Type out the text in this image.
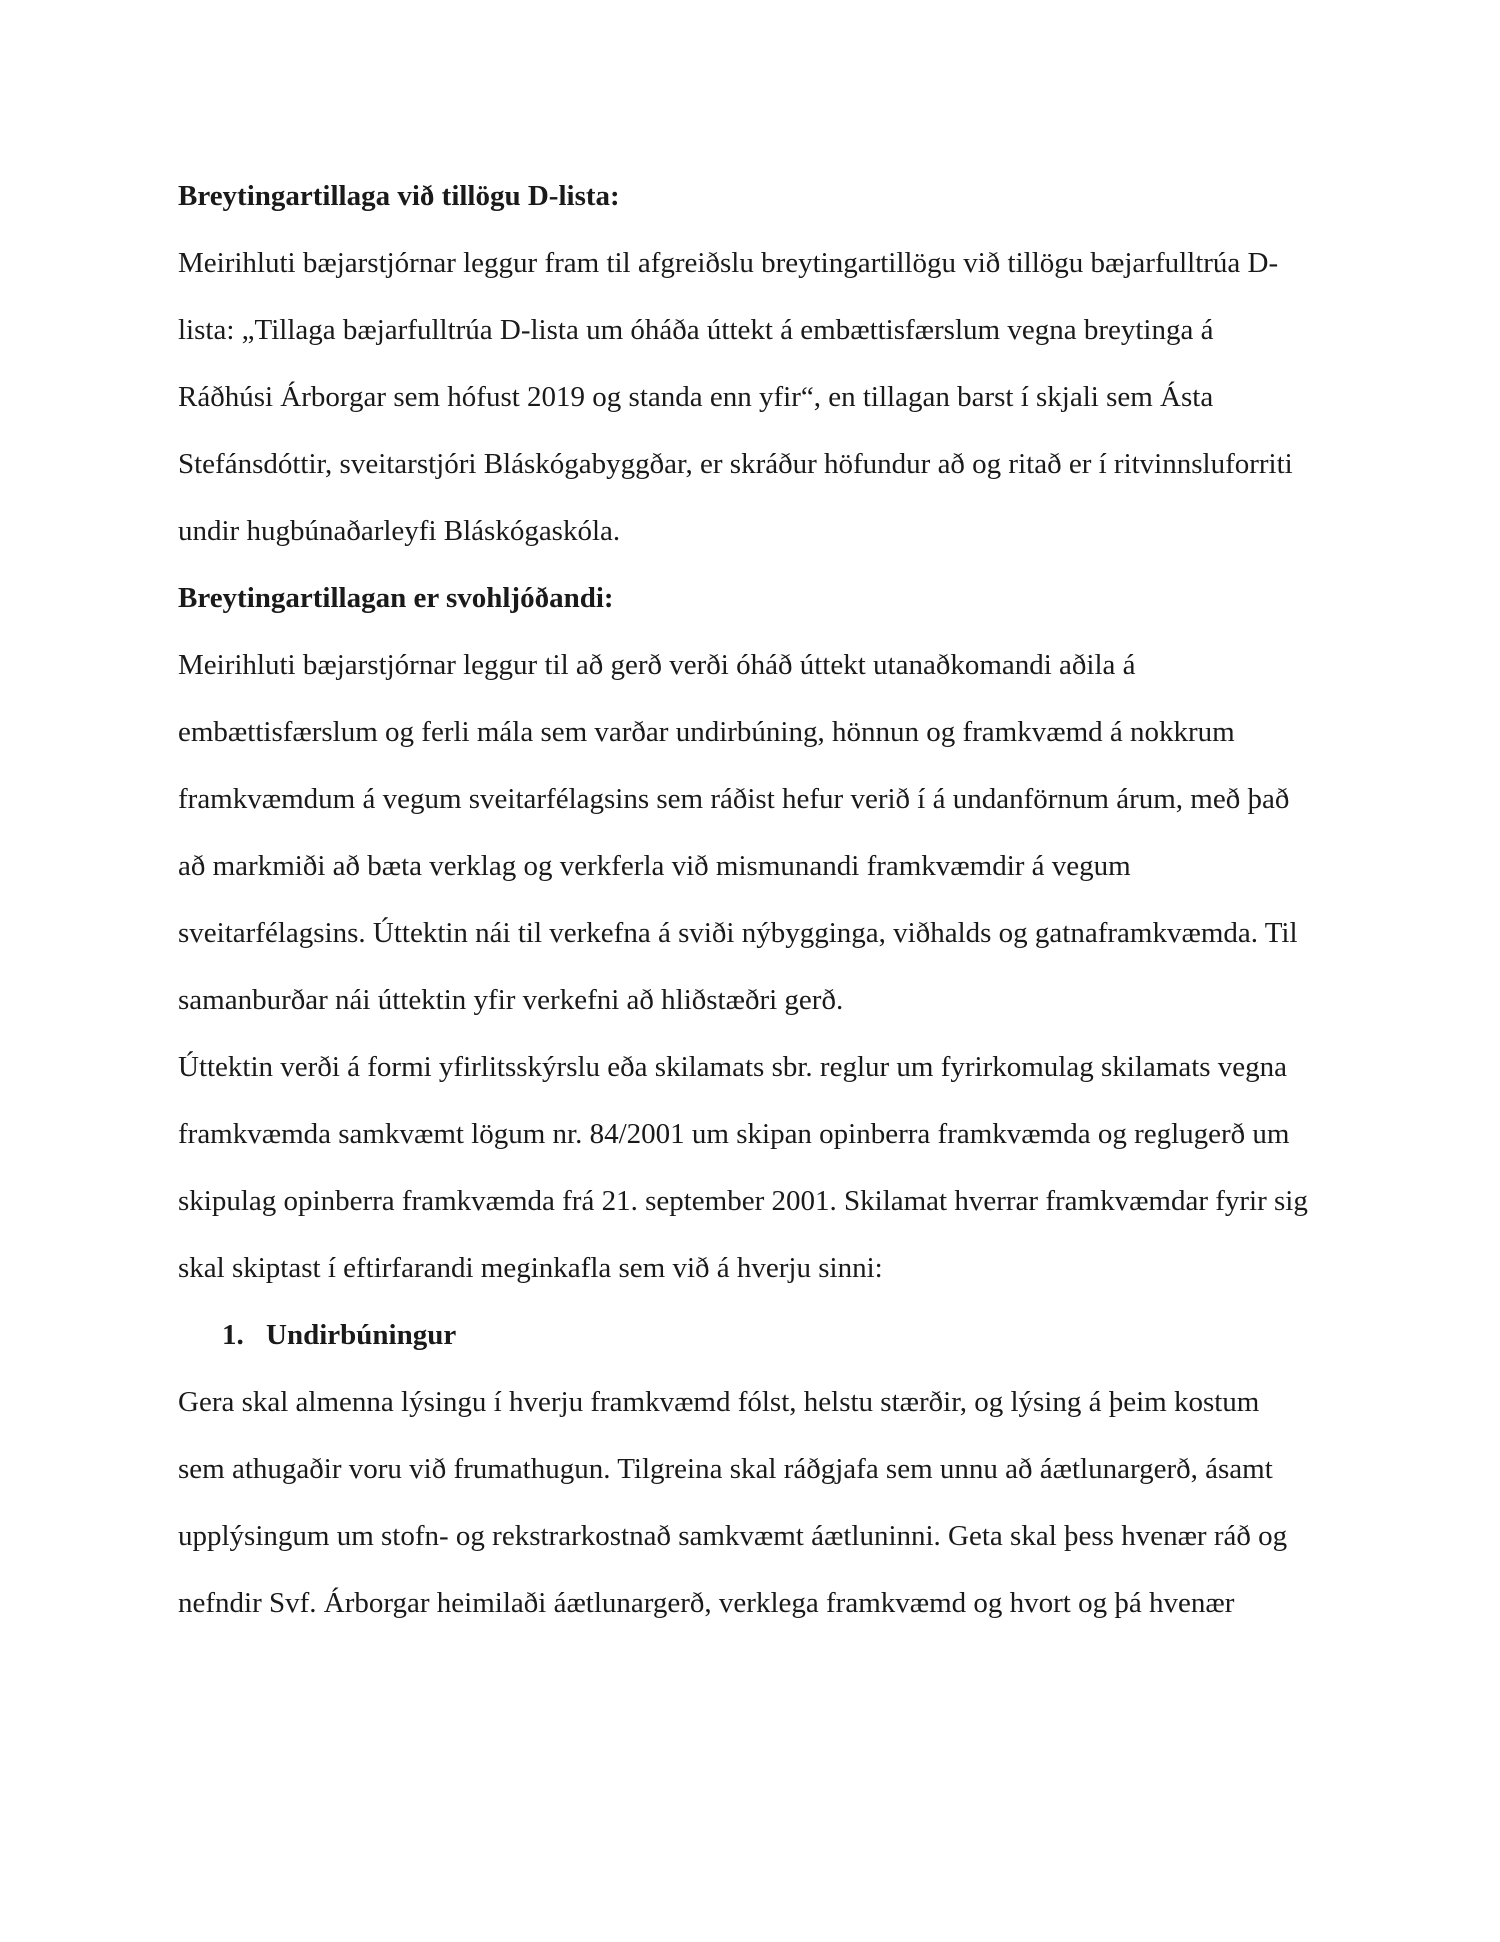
Breytingartillaga við tillögu D-lista:
Meirihluti bæjarstjórnar leggur fram til afgreiðslu breytingartillögu við tillögu bæjarfulltrúa D-
lista: „Tillaga bæjarfulltrúa D-lista um óháða úttekt á embættisfærslum vegna breytinga á
Ráðhúsi Árborgar sem hófust 2019 og standa enn yfir“, en tillagan barst í skjali sem Ásta
Stefánsdóttir, sveitarstjóri Bláskógabyggðar, er skráður höfundur að og ritað er í ritvinnsluforriti
undir hugbúnaðarleyfi Bláskógaskóla.
Breytingartillagan er svohljóðandi:
Meirihluti bæjarstjórnar leggur til að gerð verði óháð úttekt utanaðkomandi aðila á
embættisfærslum og ferli mála sem varðar undirbúning, hönnun og framkvæmd á nokkrum
framkvæmdum á vegum sveitarfélagsins sem ráðist hefur verið í á undanförnum árum, með það
að markmiði að bæta verklag og verkferla við mismunandi framkvæmdir á vegum
sveitarfélagsins. Úttektin nái til verkefna á sviði nýbygginga, viðhalds og gatnaframkvæmda. Til
samanburðar nái úttektin yfir verkefni að hliðstæðri gerð.
Úttektin verði á formi yfirlitsskýrslu eða skilamats sbr. reglur um fyrirkomulag skilamats vegna
framkvæmda samkvæmt lögum nr. 84/2001 um skipan opinberra framkvæmda og reglugerð um
skipulag opinberra framkvæmda frá 21. september 2001. Skilamat hverrar framkvæmdar fyrir sig
skal skiptast í eftirfarandi meginkafla sem við á hverju sinni:
1. Undirbúningur
Gera skal almenna lýsingu í hverju framkvæmd fólst, helstu stærðir, og lýsing á þeim kostum
sem athugaðir voru við frumathugun. Tilgreina skal ráðgjafa sem unnu að áætlunargerð, ásamt
upplýsingum um stofn- og rekstrarkostnað samkvæmt áætluninni. Geta skal þess hvenær ráð og
nefndir Svf. Árborgar heimilaði áætlunargerð, verklega framkvæmd og hvort og þá hvenær
